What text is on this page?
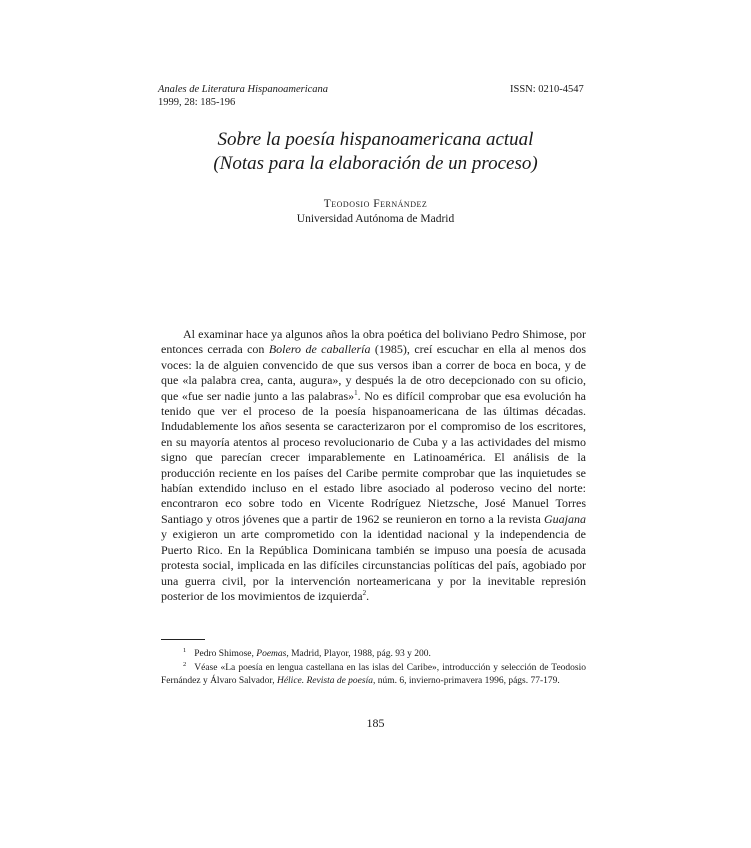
Anales de Literatura Hispanoamericana
1999, 28: 185-196
ISSN: 0210-4547
Sobre la poesía hispanoamericana actual
(Notas para la elaboración de un proceso)
Teodosio Fernández
Universidad Autónoma de Madrid

Al examinar hace ya algunos años la obra poética del boliviano Pedro Shimose, por entonces cerrada con Bolero de caballería (1985), creí escuchar en ella al menos dos voces: la de alguien convencido de que sus versos iban a correr de boca en boca, y de que «la palabra crea, canta, augura», y después la de otro decepcionado con su oficio, que «fue ser nadie junto a las palabras»$^1$. No es difícil comprobar que esa evolución ha tenido que ver el proceso de la poesía hispanoamericana de las últimas décadas. Indudablemente los años sesenta se caracterizaron por el compromiso de los escritores, en su mayoría atentos al proceso revolucionario de Cuba y a las actividades del mismo signo que parecían crecer imparablemente en Latinoamérica. El análisis de la producción reciente en los países del Caribe permite comprobar que las inquietudes se habían extendido incluso en el estado libre asociado al poderoso vecino del norte: encontraron eco sobre todo en Vicente Rodríguez Nietzsche, José Manuel Torres Santiago y otros jóvenes que a partir de 1962 se reunieron en torno a la revista Guajana y exigieron un arte comprometido con la identidad nacional y la independencia de Puerto Rico. En la República Dominicana también se impuso una poesía de acusada protesta social, implicada en las difíciles circunstancias políticas del país, agobiado por una guerra civil, por la intervención norteamericana y por la inevitable represión posterior de los movimientos de izquierda$^2$.

$^1$ Pedro Shimose, Poemas, Madrid, Playor, 1988, pág. 93 y 200.

$^2$ Véase «La poesía en lengua castellana en las islas del Caribe», introducción y selección de Teodosio Fernández y Álvaro Salvador, Hélice. Revista de poesía, núm. 6, invierno-primavera 1996, págs. 77-179.

185
